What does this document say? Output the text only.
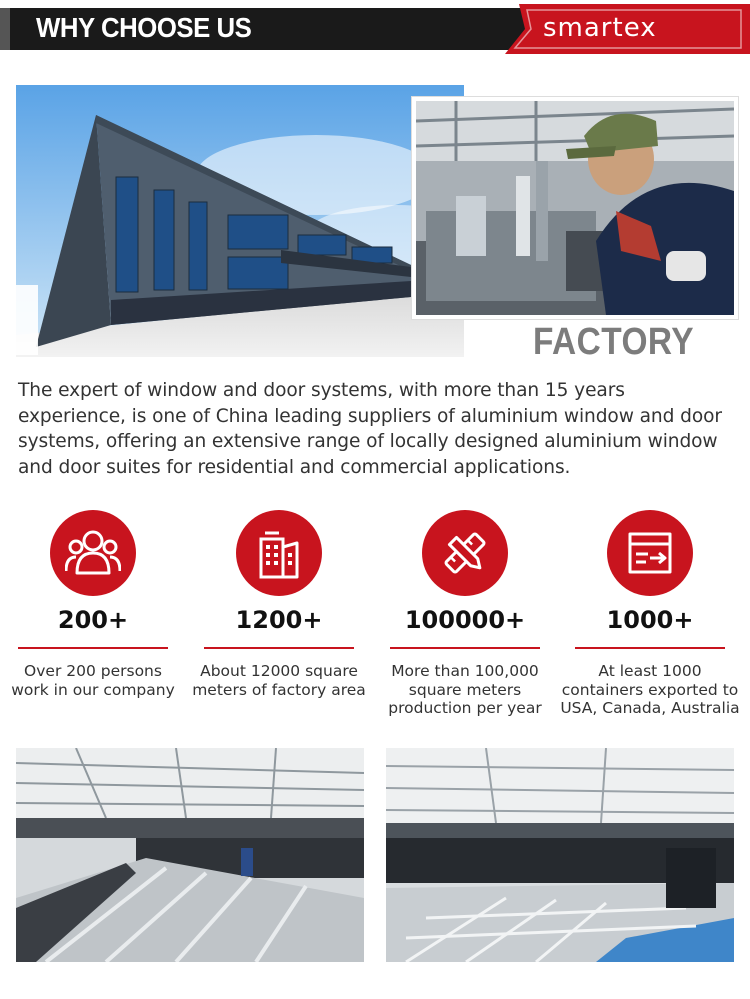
WHY CHOOSE US	smartex
FACTORY

The expert of window and door systems, with more than 15 years experience, is one of China leading suppliers of aluminium window and door systems, offering an extensive range of locally designed aluminium window and door suites for residential and commercial applications.

200+
Over 200 persons work in our company
1200+
About 12000 square meters of factory area
100000+
More than 100,000 square meters production per year
1000+
At least 1000 containers exported to USA, Canada, Australia
